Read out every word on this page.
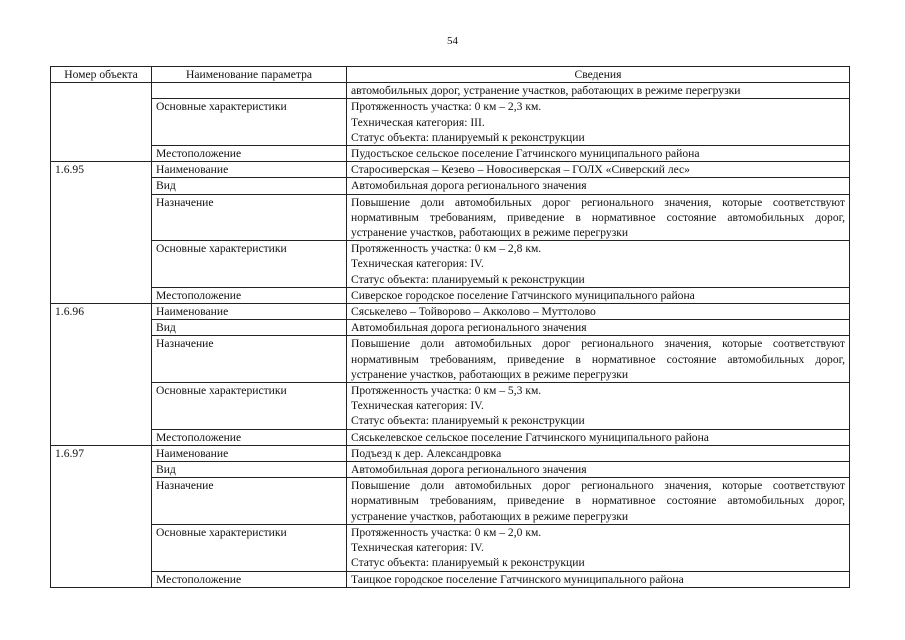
54
Номер объекта	Наименование параметра	Сведения

		автомобильных дорог, устранение участков, работающих в режиме перегрузки

	Основные характеристики	Протяженность участка: 0 км – 2,3 км.
Техническая категория: III.
Статус объекта: планируемый к реконструкции

	Местоположение	Пудостьское сельское поселение Гатчинского муниципального района

1.6.95	Наименование	Старосиверская – Кезево – Новосиверская – ГОЛХ «Сиверский лес»

	Вид	Автомобильная дорога регионального значения

	Назначение	Повышение доли автомобильных дорог регионального значения, которые соответствуют нормативным требованиям, приведение в нормативное состояние автомобильных дорог, устранение участков, работающих в режиме перегрузки
	Основные характеристики	Протяженность участка: 0 км – 2,8 км.
Техническая категория: IV.
Статус объекта: планируемый к реконструкции

	Местоположение	Сиверское городское поселение Гатчинского муниципального района

1.6.96	Наименование	Сяськелево – Тойворово – Акколово – Муттолово

	Вид	Автомобильная дорога регионального значения

	Назначение	Повышение доли автомобильных дорог регионального значения, которые соответствуют нормативным требованиям, приведение в нормативное состояние автомобильных дорог, устранение участков, работающих в режиме перегрузки
	Основные характеристики	Протяженность участка: 0 км – 5,3 км.
Техническая категория: IV.
Статус объекта: планируемый к реконструкции

	Местоположение	Сяськелевское сельское поселение Гатчинского муниципального района

1.6.97	Наименование	Подъезд к дер. Александровка

	Вид	Автомобильная дорога регионального значения

	Назначение	Повышение доли автомобильных дорог регионального значения, которые соответствуют нормативным требованиям, приведение в нормативное состояние автомобильных дорог, устранение участков, работающих в режиме перегрузки
	Основные характеристики	Протяженность участка: 0 км – 2,0 км.
Техническая категория: IV.
Статус объекта: планируемый к реконструкции

	Местоположение	Таицкое городское поселение Гатчинского муниципального района
